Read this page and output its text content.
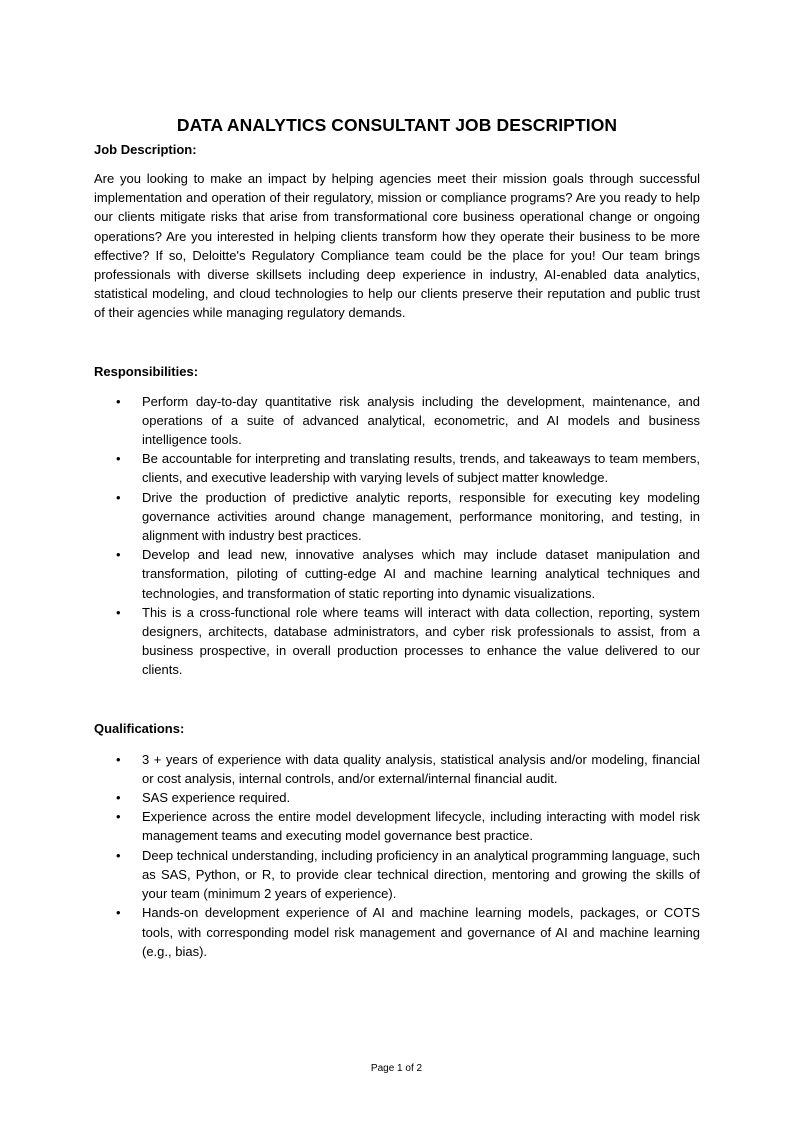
DATA ANALYTICS CONSULTANT JOB DESCRIPTION

Job Description:

Are you looking to make an impact by helping agencies meet their mission goals through successful implementation and operation of their regulatory, mission or compliance programs? Are you ready to help our clients mitigate risks that arise from transformational core business operational change or ongoing operations? Are you interested in helping clients transform how they operate their business to be more effective? If so, Deloitte's Regulatory Compliance team could be the place for you! Our team brings professionals with diverse skillsets including deep experience in industry, AI-enabled data analytics, statistical modeling, and cloud technologies to help our clients preserve their reputation and public trust of their agencies while managing regulatory demands.

Responsibilities:

• Perform day-to-day quantitative risk analysis including the development, maintenance, and operations of a suite of advanced analytical, econometric, and AI models and business intelligence tools.
• Be accountable for interpreting and translating results, trends, and takeaways to team members, clients, and executive leadership with varying levels of subject matter knowledge.
• Drive the production of predictive analytic reports, responsible for executing key modeling governance activities around change management, performance monitoring, and testing, in alignment with industry best practices.
• Develop and lead new, innovative analyses which may include dataset manipulation and transformation, piloting of cutting-edge AI and machine learning analytical techniques and technologies, and transformation of static reporting into dynamic visualizations.
• This is a cross-functional role where teams will interact with data collection, reporting, system designers, architects, database administrators, and cyber risk professionals to assist, from a business prospective, in overall production processes to enhance the value delivered to our clients.

Qualifications:

• 3 + years of experience with data quality analysis, statistical analysis and/or modeling, financial or cost analysis, internal controls, and/or external/internal financial audit.
• SAS experience required.
• Experience across the entire model development lifecycle, including interacting with model risk management teams and executing model governance best practice.
• Deep technical understanding, including proficiency in an analytical programming language, such as SAS, Python, or R, to provide clear technical direction, mentoring and growing the skills of your team (minimum 2 years of experience).
• Hands-on development experience of AI and machine learning models, packages, or COTS tools, with corresponding model risk management and governance of AI and machine learning (e.g., bias).
Page 1 of 2
